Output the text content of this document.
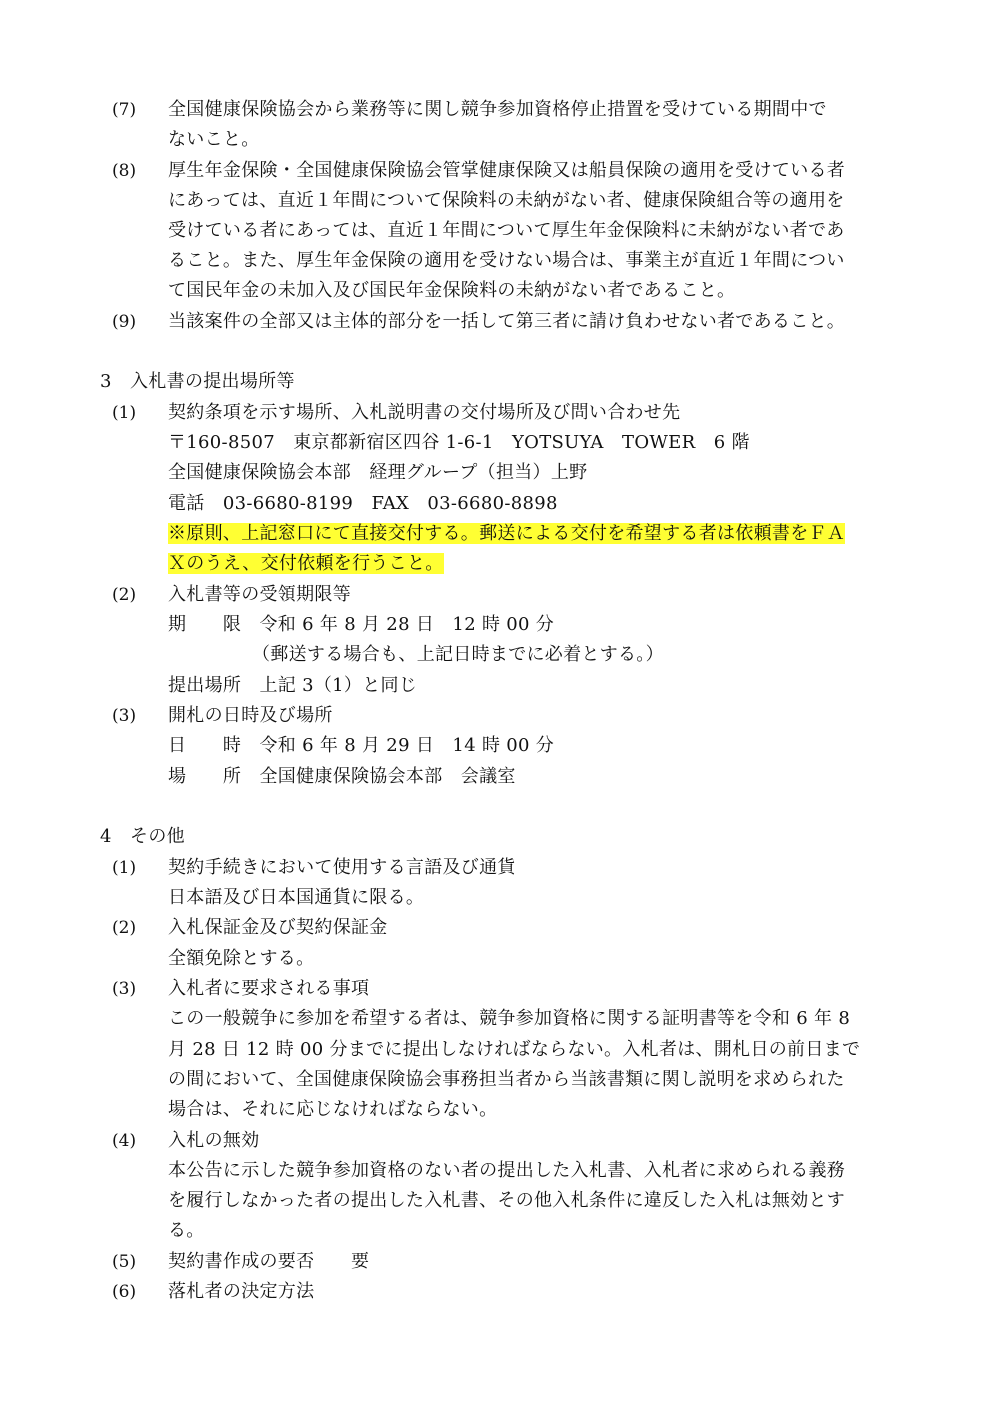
(7) 全国健康保険協会から業務等に関し競争参加資格停止措置を受けている期間中で
ないこと。
(8) 厚生年金保険・全国健康保険協会管掌健康保険又は船員保険の適用を受けている者
にあっては、直近１年間について保険料の未納がない者、健康保険組合等の適用を
受けている者にあっては、直近１年間について厚生年金保険料に未納がない者であ
ること。また、厚生年金保険の適用を受けない場合は、事業主が直近１年間につい
て国民年金の未加入及び国民年金保険料の未納がない者であること。
(9) 当該案件の全部又は主体的部分を一括して第三者に請け負わせない者であること。
3　入札書の提出場所等
(1) 契約条項を示す場所、入札説明書の交付場所及び問い合わせ先
〒160-8507　東京都新宿区四谷 1-6-1　YOTSUYA　TOWER　6 階
全国健康保険協会本部　経理グループ（担当）上野
電話　03-6680-8199　FAX　03-6680-8898
※原則、上記窓口にて直接交付する。郵送による交付を希望する者は依頼書をＦＡ
Ｘのうえ、交付依頼を行うこと。
(2) 入札書等の受領期限等
期　　限　令和 6 年 8 月 28 日　12 時 00 分
（郵送する場合も、上記日時までに必着とする。）
提出場所　上記 3（1）と同じ
(3) 開札の日時及び場所
日　　時　令和 6 年 8 月 29 日　14 時 00 分
場　　所　全国健康保険協会本部　会議室
4　その他
(1) 契約手続きにおいて使用する言語及び通貨
日本語及び日本国通貨に限る。
(2) 入札保証金及び契約保証金
全額免除とする。
(3) 入札者に要求される事項
この一般競争に参加を希望する者は、競争参加資格に関する証明書等を令和 6 年 8
月 28 日 12 時 00 分までに提出しなければならない。入札者は、開札日の前日まで
の間において、全国健康保険協会事務担当者から当該書類に関し説明を求められた
場合は、それに応じなければならない。
(4) 入札の無効
本公告に示した競争参加資格のない者の提出した入札書、入札者に求められる義務
を履行しなかった者の提出した入札書、その他入札条件に違反した入札は無効とす
る。
(5) 契約書作成の要否　　要
(6) 落札者の決定方法
